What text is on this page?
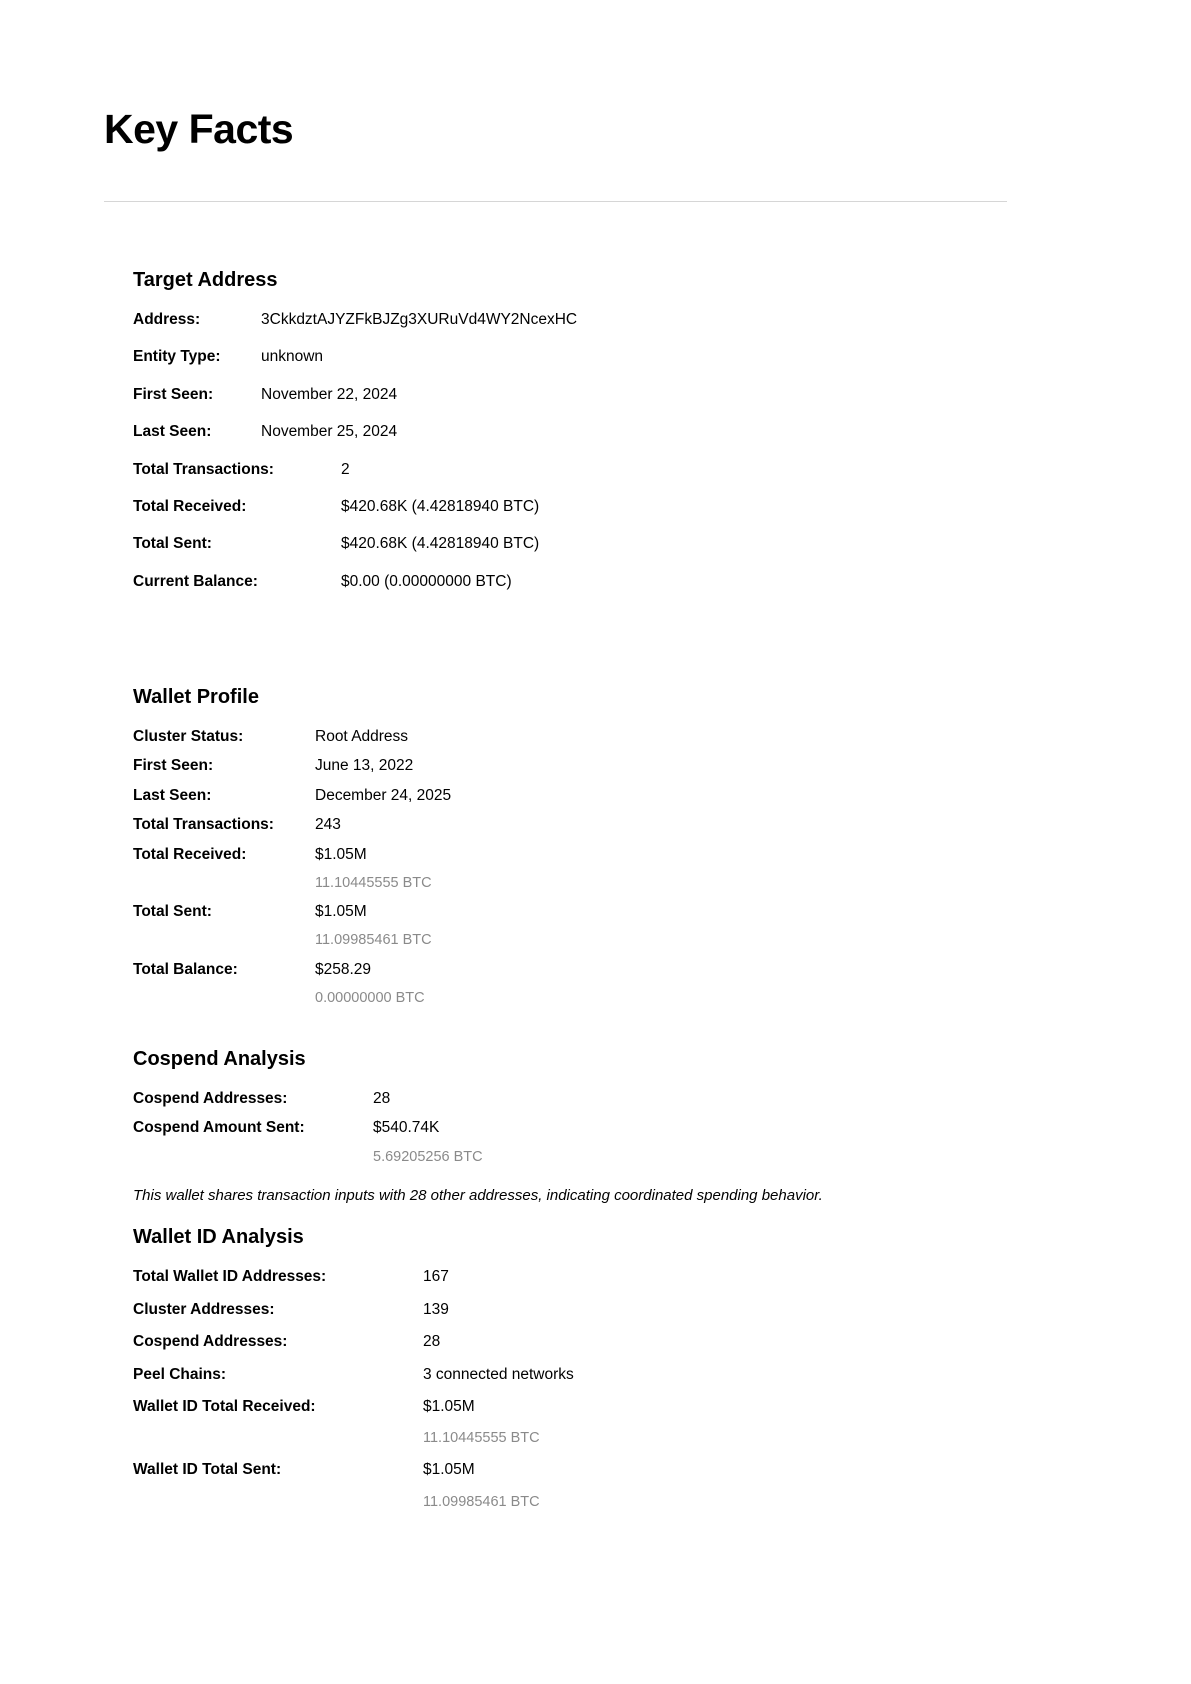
Key Facts
Target Address
Address:	3CkkdztAJYZFkBJZg3XURuVd4WY2NcexHC
Entity Type:	unknown
First Seen:	November 22, 2024
Last Seen:	November 25, 2024
Total Transactions:	2
Total Received:	$420.68K (4.42818940 BTC)
Total Sent:	$420.68K (4.42818940 BTC)
Current Balance:	$0.00 (0.00000000 BTC)
Wallet Profile
Cluster Status:	Root Address
First Seen:	June 13, 2022
Last Seen:	December 24, 2025
Total Transactions:	243
Total Received:	$1.05M
11.10445555 BTC
Total Sent:	$1.05M
11.09985461 BTC
Total Balance:	$258.29
0.00000000 BTC
Cospend Analysis
Cospend Addresses:	28
Cospend Amount Sent:	$540.74K
5.69205256 BTC

This wallet shares transaction inputs with 28 other addresses, indicating coordinated spending behavior.

Wallet ID Analysis
Total Wallet ID Addresses:	167
Cluster Addresses:	139
Cospend Addresses:	28
Peel Chains:	3 connected networks
Wallet ID Total Received:	$1.05M
11.10445555 BTC
Wallet ID Total Sent:	$1.05M
11.09985461 BTC
